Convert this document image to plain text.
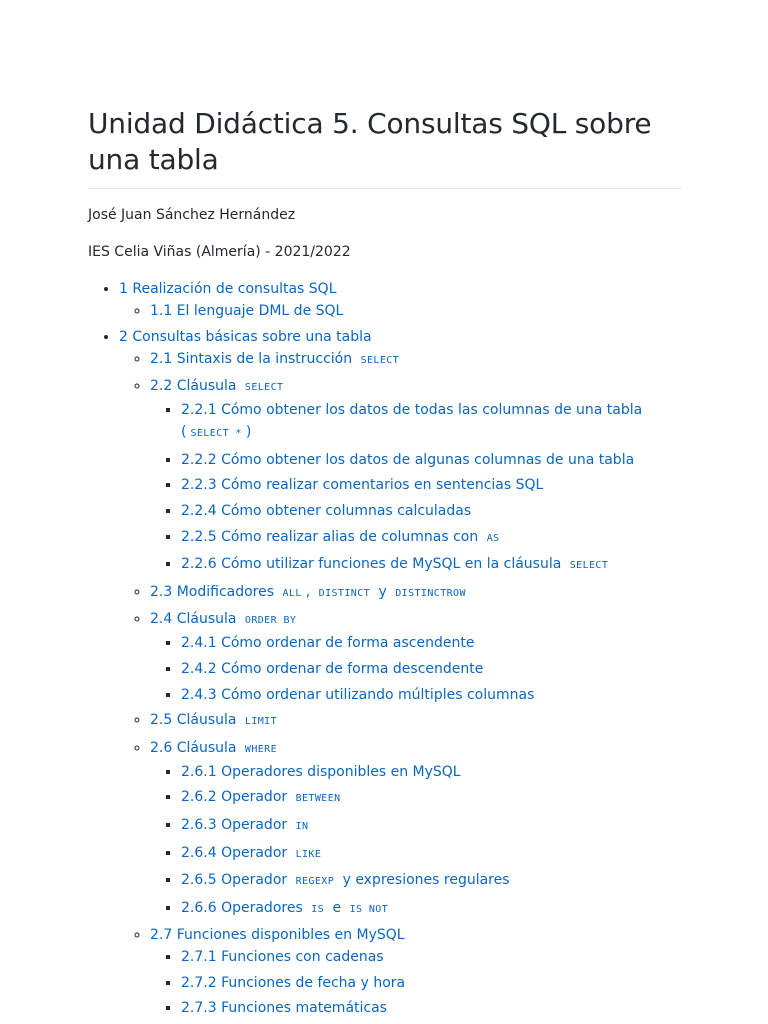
Unidad Didáctica 5. Consultas SQL sobre una tabla

José Juan Sánchez Hernández

IES Celia Viñas (Almería) - 2021/2022

• 1 Realización de consultas SQL
◦ 1.1 El lenguaje DML de SQL
• 2 Consultas básicas sobre una tabla
◦ 2.1 Sintaxis de la instrucción SELECT
◦ 2.2 Cláusula SELECT
▪ 2.2.1 Cómo obtener los datos de todas las columnas de una tabla
( SELECT * )
▪ 2.2.2 Cómo obtener los datos de algunas columnas de una tabla
▪ 2.2.3 Cómo realizar comentarios en sentencias SQL
▪ 2.2.4 Cómo obtener columnas calculadas
▪ 2.2.5 Cómo realizar alias de columnas con AS
▪ 2.2.6 Cómo utilizar funciones de MySQL en la cláusula SELECT
◦ 2.3 Modificadores ALL , DISTINCT y DISTINCTROW
◦ 2.4 Cláusula ORDER BY
▪ 2.4.1 Cómo ordenar de forma ascendente
▪ 2.4.2 Cómo ordenar de forma descendente
▪ 2.4.3 Cómo ordenar utilizando múltiples columnas
◦ 2.5 Cláusula LIMIT
◦ 2.6 Cláusula WHERE
▪ 2.6.1 Operadores disponibles en MySQL
▪ 2.6.2 Operador BETWEEN
▪ 2.6.3 Operador IN
▪ 2.6.4 Operador LIKE
▪ 2.6.5 Operador REGEXP y expresiones regulares
▪ 2.6.6 Operadores IS e IS NOT
◦ 2.7 Funciones disponibles en MySQL
▪ 2.7.1 Funciones con cadenas
▪ 2.7.2 Funciones de fecha y hora
▪ 2.7.3 Funciones matemáticas
